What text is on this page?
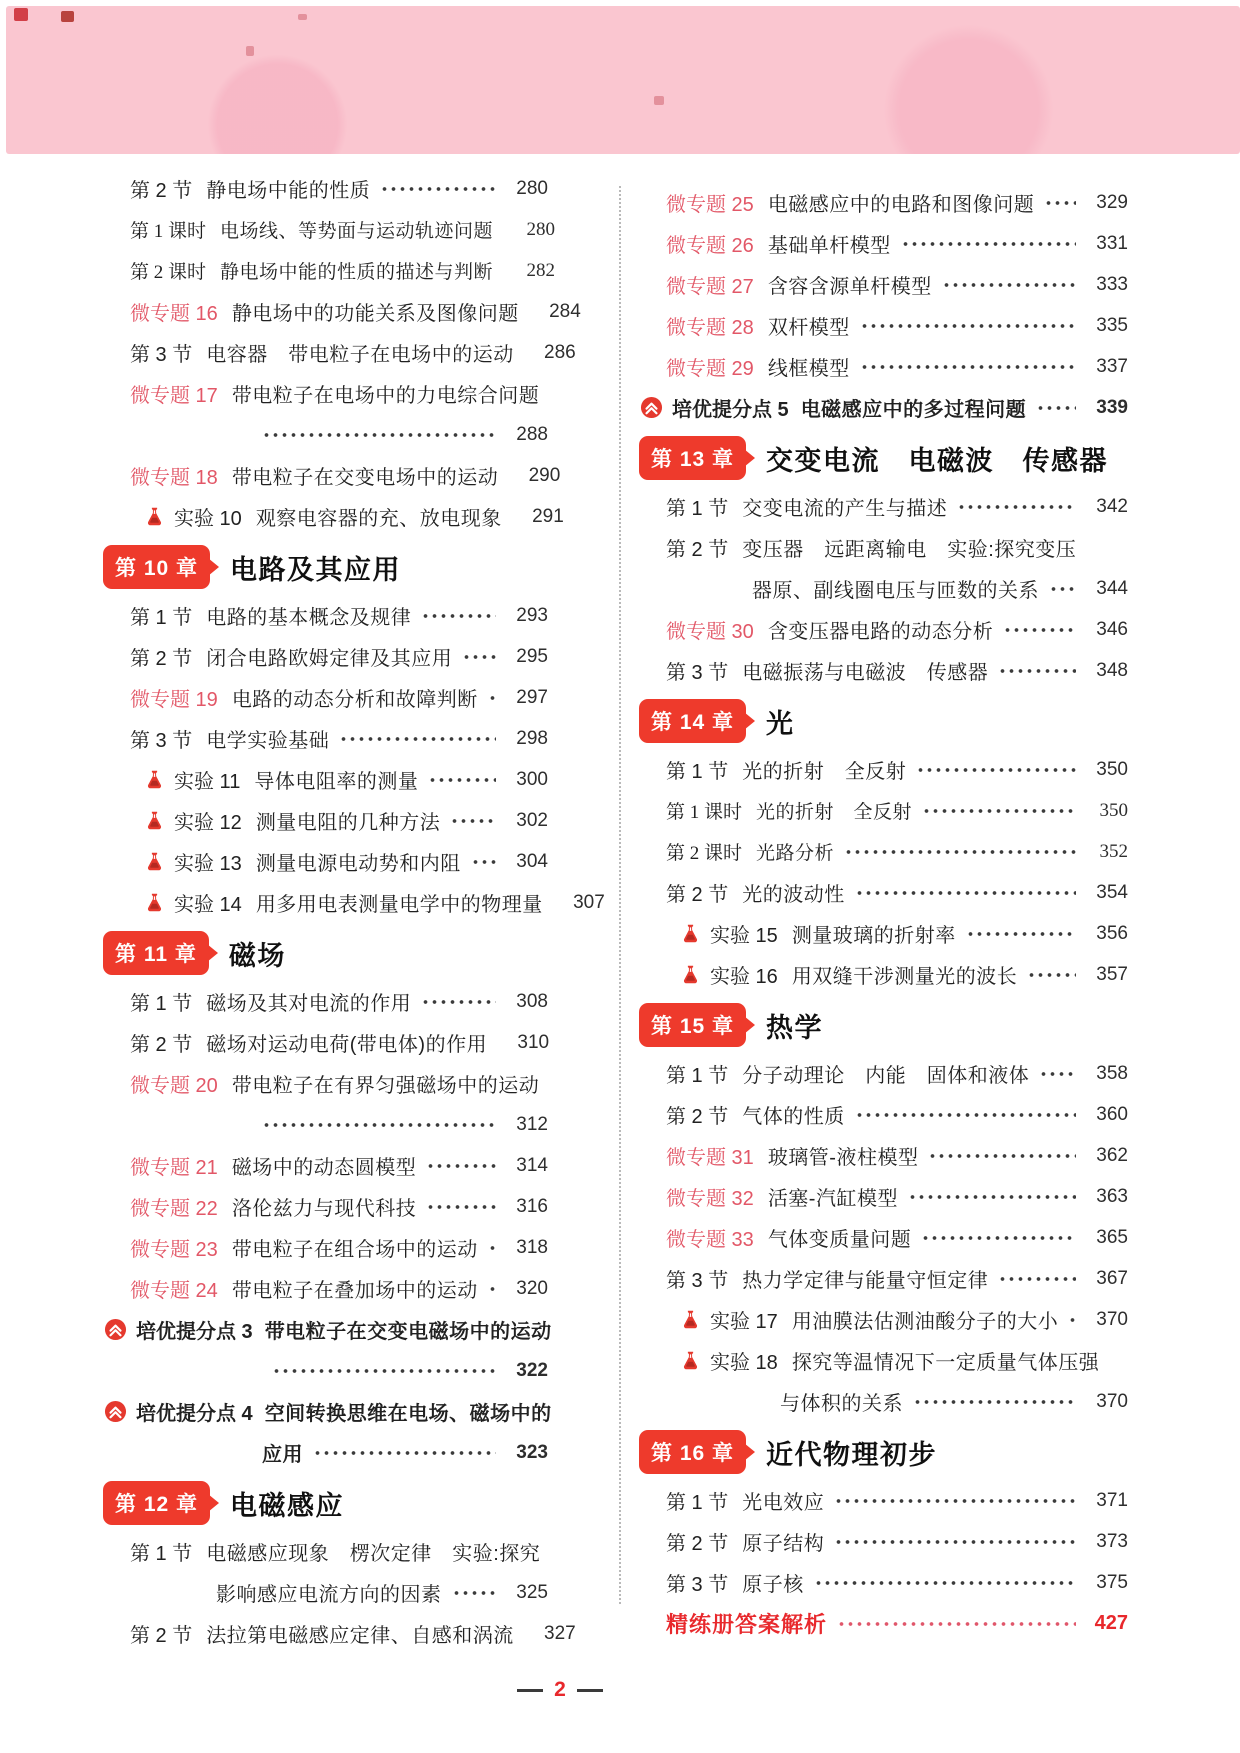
第 2 节 静电场中能的性质	280
第 1 课时 电场线、等势面与运动轨迹问题	280
第 2 课时 静电场中能的性质的描述与判断	282
微专题 16 静电场中的功能关系及图像问题	284
第 3 节 电容器　带电粒子在电场中的运动	286
微专题 17 带电粒子在电场中的力电综合问题
288
微专题 18 带电粒子在交变电场中的运动	290
实验 10 观察电容器的充、放电现象	291
第 10 章	电路及其应用
第 1 节 电路的基本概念及规律	293
第 2 节 闭合电路欧姆定律及其应用	295
微专题 19 电路的动态分析和故障判断	297
第 3 节 电学实验基础	298
实验 11 导体电阻率的测量	300
实验 12 测量电阻的几种方法	302
实验 13 测量电源电动势和内阻	304
实验 14 用多用电表测量电学中的物理量	307
第 11 章	磁场
第 1 节 磁场及其对电流的作用	308
第 2 节 磁场对运动电荷(带电体)的作用	310
微专题 20 带电粒子在有界匀强磁场中的运动
312
微专题 21 磁场中的动态圆模型	314
微专题 22 洛伦兹力与现代科技	316
微专题 23 带电粒子在组合场中的运动	318
微专题 24 带电粒子在叠加场中的运动	320
培优提分点 3 带电粒子在交变电磁场中的运动
322
培优提分点 4 空间转换思维在电场、磁场中的
应用	323
第 12 章	电磁感应
第 1 节 电磁感应现象　楞次定律　实验:探究
影响感应电流方向的因素	325
第 2 节 法拉第电磁感应定律、自感和涡流	327
微专题 25 电磁感应中的电路和图像问题	329
微专题 26 基础单杆模型	331
微专题 27 含容含源单杆模型	333
微专题 28 双杆模型	335
微专题 29 线框模型	337
培优提分点 5 电磁感应中的多过程问题	339
第 13 章	交变电流　电磁波　传感器
第 1 节 交变电流的产生与描述	342
第 2 节 变压器　远距离输电　实验:探究变压
器原、副线圈电压与匝数的关系	344
微专题 30 含变压器电路的动态分析	346
第 3 节 电磁振荡与电磁波　传感器	348
第 14 章	光
第 1 节 光的折射　全反射	350
第 1 课时 光的折射　全反射	350
第 2 课时 光路分析	352
第 2 节 光的波动性	354
实验 15 测量玻璃的折射率	356
实验 16 用双缝干涉测量光的波长	357
第 15 章	热学
第 1 节 分子动理论　内能　固体和液体	358
第 2 节 气体的性质	360
微专题 31 玻璃管-液柱模型	362
微专题 32 活塞-汽缸模型	363
微专题 33 气体变质量问题	365
第 3 节 热力学定律与能量守恒定律	367
实验 17 用油膜法估测油酸分子的大小	370
实验 18 探究等温情况下一定质量气体压强
与体积的关系	370
第 16 章	近代物理初步
第 1 节 光电效应	371
第 2 节 原子结构	373
第 3 节 原子核	375
精练册答案解析	427
2
